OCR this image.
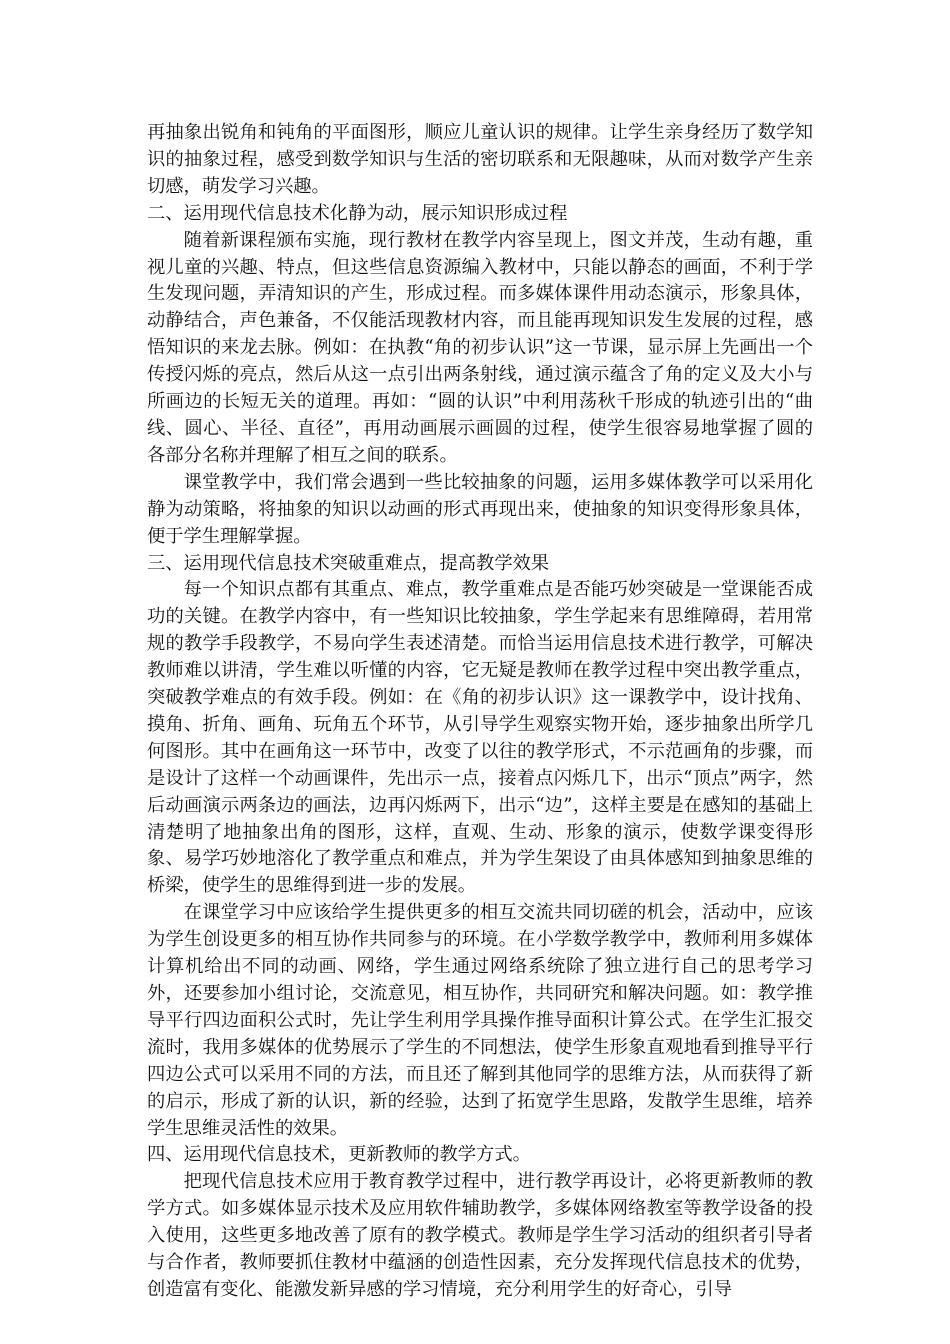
再抽象出锐角和钝角的平面图形，顺应儿童认识的规律。让学生亲身经历了数学知识的抽象过程，感受到数学知识与生活的密切联系和无限趣味，从而对数学产生亲切感，萌发学习兴趣。

二、运用现代信息技术化静为动，展示知识形成过程

随着新课程颁布实施，现行教材在教学内容呈现上，图文并茂，生动有趣，重视儿童的兴趣、特点，但这些信息资源编入教材中，只能以静态的画面，不利于学生发现问题，弄清知识的产生，形成过程。而多媒体课件用动态演示，形象具体，动静结合，声色兼备，不仅能活现教材内容，而且能再现知识发生发展的过程，感悟知识的来龙去脉。例如：在执教“角的初步认识”这一节课，显示屏上先画出一个传授闪烁的亮点，然后从这一点引出两条射线，通过演示蕴含了角的定义及大小与所画边的长短无关的道理。再如：“圆的认识”中利用荡秋千形成的轨迹引出的“曲线、圆心、半径、直径”，再用动画展示画圆的过程，使学生很容易地掌握了圆的各部分名称并理解了相互之间的联系。

课堂教学中，我们常会遇到一些比较抽象的问题，运用多媒体教学可以采用化静为动策略，将抽象的知识以动画的形式再现出来，使抽象的知识变得形象具体，便于学生理解掌握。

三、运用现代信息技术突破重难点，提高教学效果

每一个知识点都有其重点、难点，教学重难点是否能巧妙突破是一堂课能否成功的关键。在教学内容中，有一些知识比较抽象，学生学起来有思维障碍，若用常规的教学手段教学，不易向学生表述清楚。而恰当运用信息技术进行教学，可解决教师难以讲清，学生难以听懂的内容，它无疑是教师在教学过程中突出教学重点，突破教学难点的有效手段。例如：在《角的初步认识》这一课教学中，设计找角、摸角、折角、画角、玩角五个环节，从引导学生观察实物开始，逐步抽象出所学几何图形。其中在画角这一环节中，改变了以往的教学形式，不示范画角的步骤，而是设计了这样一个动画课件，先出示一点，接着点闪烁几下，出示“顶点”两字，然后动画演示两条边的画法，边再闪烁两下，出示“边”，这样主要是在感知的基础上清楚明了地抽象出角的图形，这样，直观、生动、形象的演示，使数学课变得形象、易学巧妙地溶化了教学重点和难点，并为学生架设了由具体感知到抽象思维的桥梁，使学生的思维得到进一步的发展。

在课堂学习中应该给学生提供更多的相互交流共同切磋的机会，活动中，应该为学生创设更多的相互协作共同参与的环境。在小学数学教学中，教师利用多媒体计算机给出不同的动画、网络，学生通过网络系统除了独立进行自己的思考学习外，还要参加小组讨论，交流意见，相互协作，共同研究和解决问题。如：教学推导平行四边面积公式时，先让学生利用学具操作推导面积计算公式。在学生汇报交流时，我用多媒体的优势展示了学生的不同想法，使学生形象直观地看到推导平行四边公式可以采用不同的方法，而且还了解到其他同学的思维方法，从而获得了新的启示，形成了新的认识，新的经验，达到了拓宽学生思路，发散学生思维，培养学生思维灵活性的效果。

四、运用现代信息技术，更新教师的教学方式。

把现代信息技术应用于教育教学过程中，进行教学再设计，必将更新教师的教学方式。如多媒体显示技术及应用软件辅助教学，多媒体网络教室等教学设备的投入使用，这些更多地改善了原有的教学模式。教师是学生学习活动的组织者引导者与合作者，教师要抓住教材中蕴涵的创造性因素，充分发挥现代信息技术的优势，创造富有变化、能激发新异感的学习情境，充分利用学生的好奇心，引导
